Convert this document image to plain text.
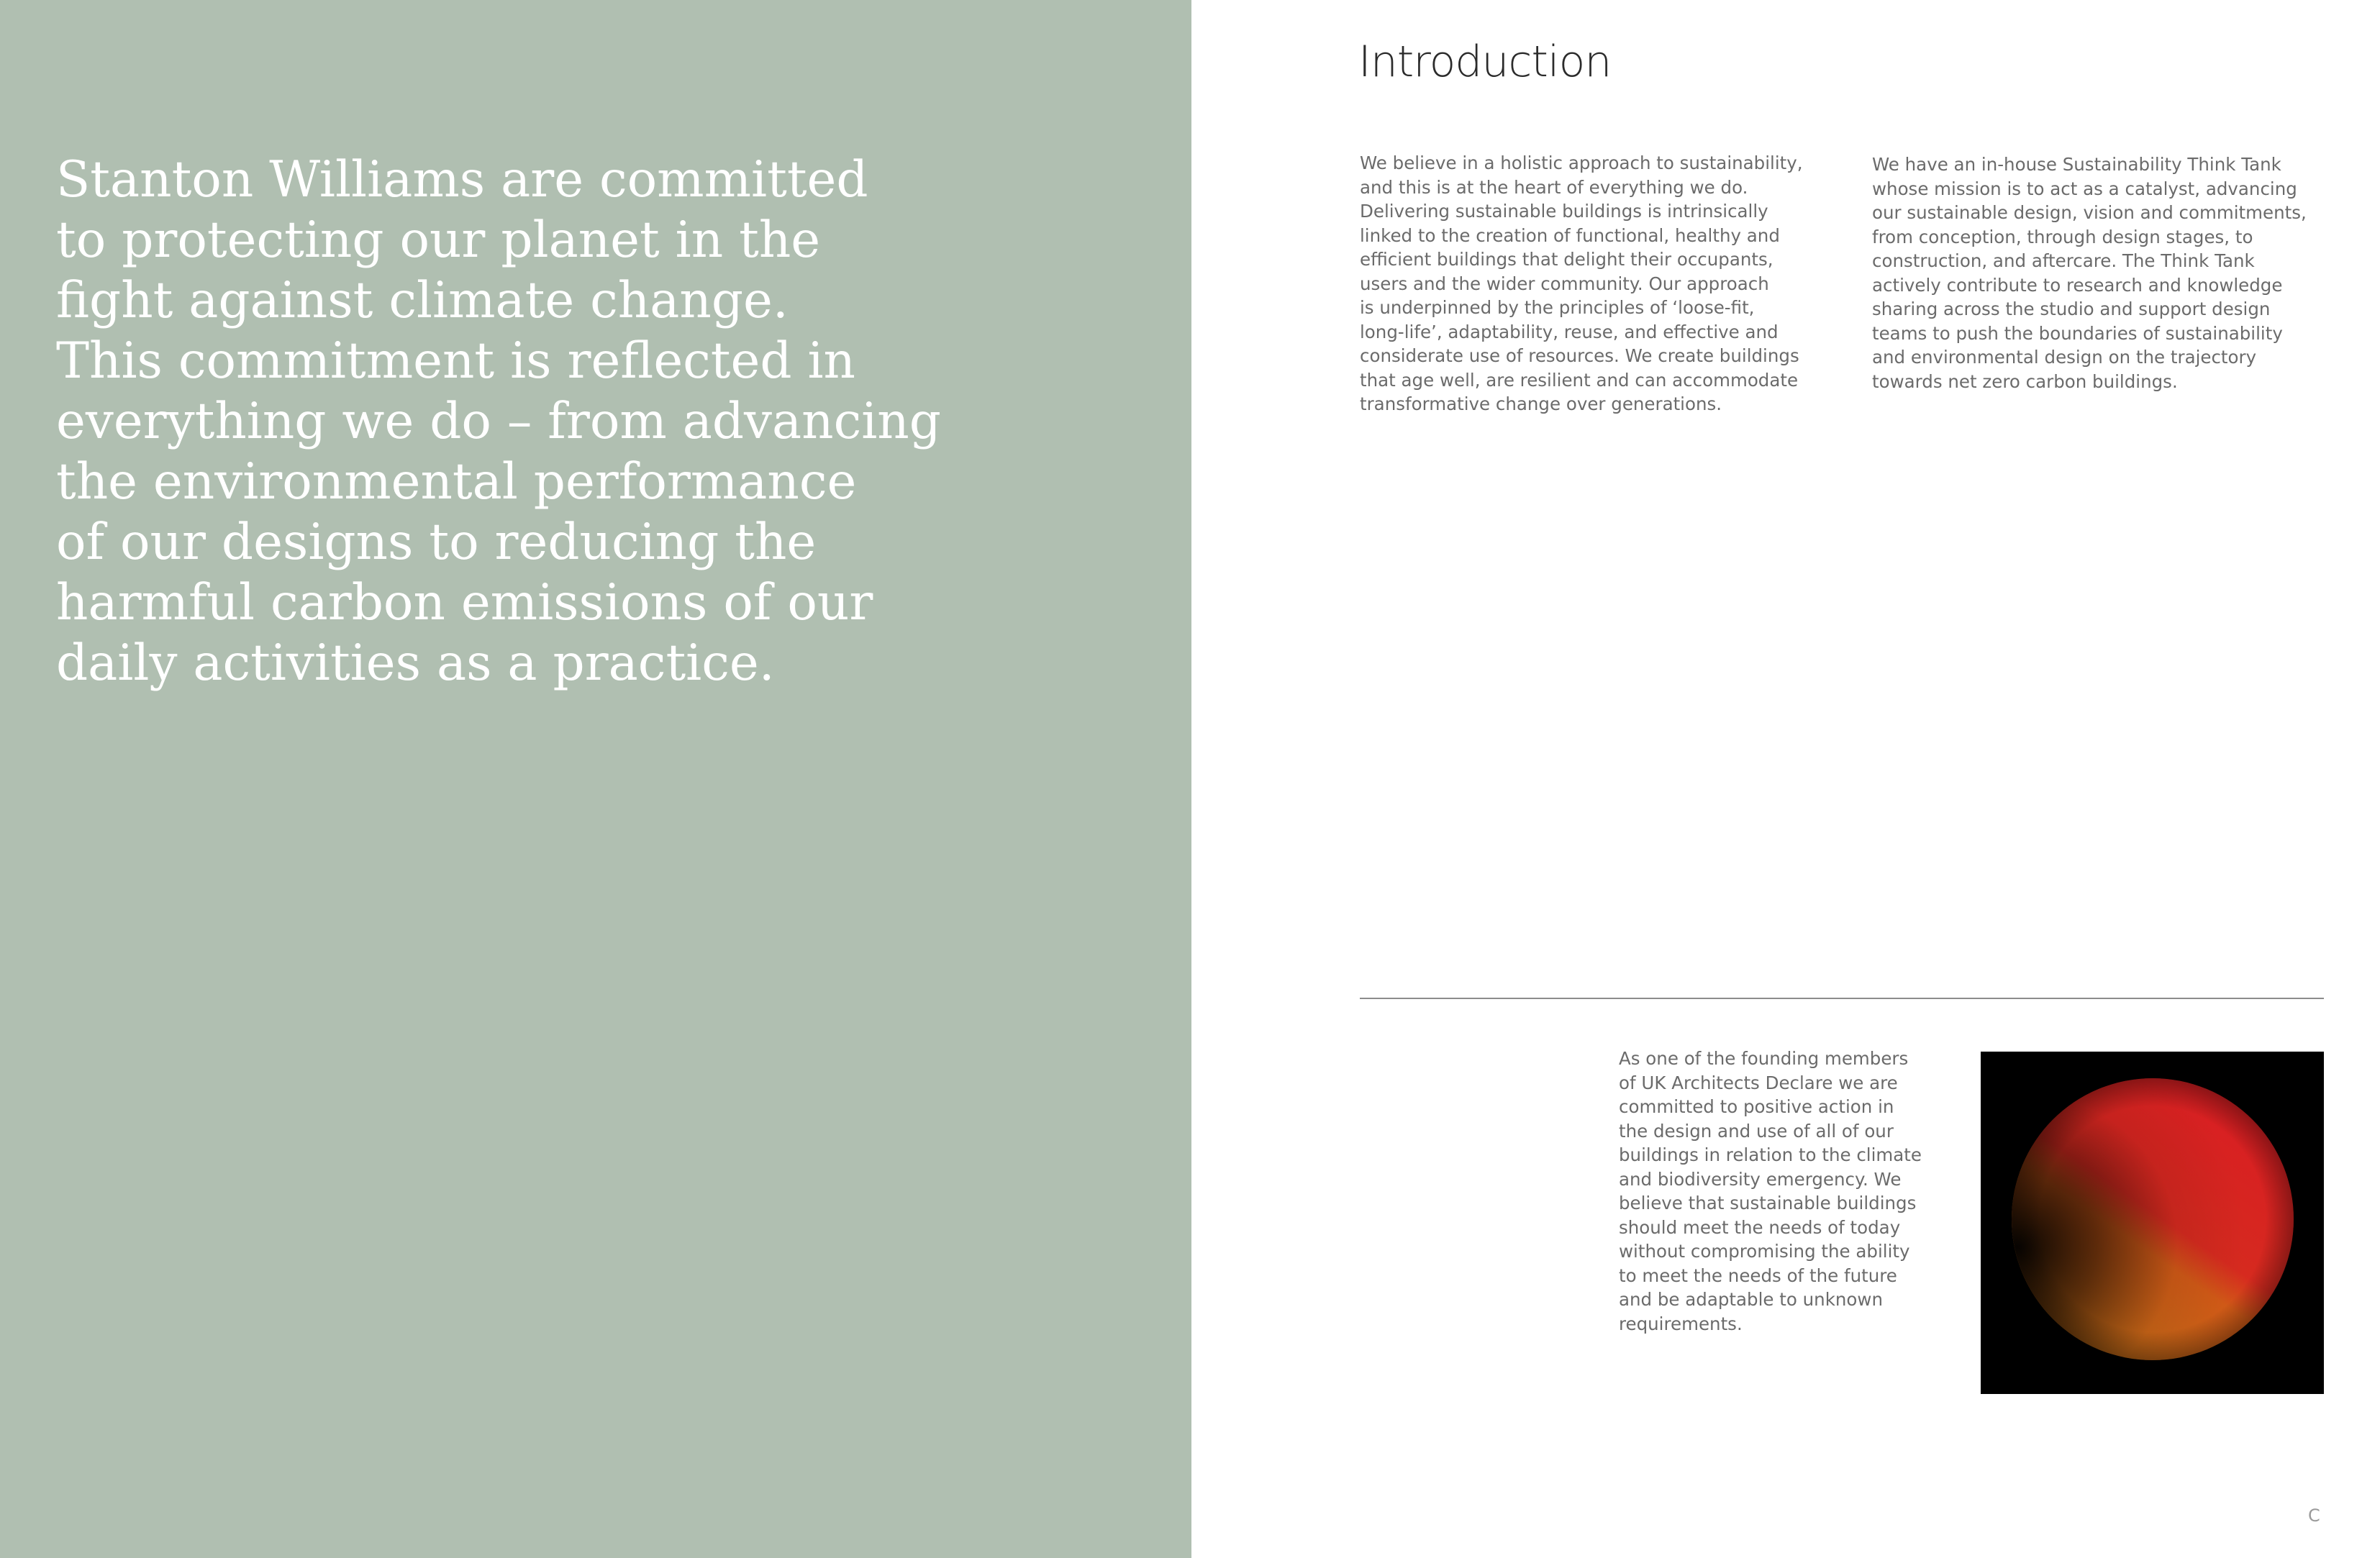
Stanton Williams are committed
to protecting our planet in the
fight against climate change.
This commitment is reflected in
everything we do – from advancing
the environmental performance
of our designs to reducing the
harmful carbon emissions of our
daily activities as a practice.

Introduction

We believe in a holistic approach to sustainability,
and this is at the heart of everything we do.
Delivering sustainable buildings is intrinsically
linked to the creation of functional, healthy and
efficient buildings that delight their occupants,
users and the wider community. Our approach
is underpinned by the principles of ‘loose-fit,
long-life’, adaptability, reuse, and effective and
considerate use of resources. We create buildings
that age well, are resilient and can accommodate
transformative change over generations.

We have an in-house Sustainability Think Tank
whose mission is to act as a catalyst, advancing
our sustainable design, vision and commitments,
from conception, through design stages, to
construction, and aftercare. The Think Tank
actively contribute to research and knowledge
sharing across the studio and support design
teams to push the boundaries of sustainability
and environmental design on the trajectory
towards net zero carbon buildings.

As one of the founding members
of UK Architects Declare we are
committed to positive action in
the design and use of all of our
buildings in relation to the climate
and biodiversity emergency. We
believe that sustainable buildings
should meet the needs of today
without compromising the ability
to meet the needs of the future
and be adaptable to unknown
requirements.

C
